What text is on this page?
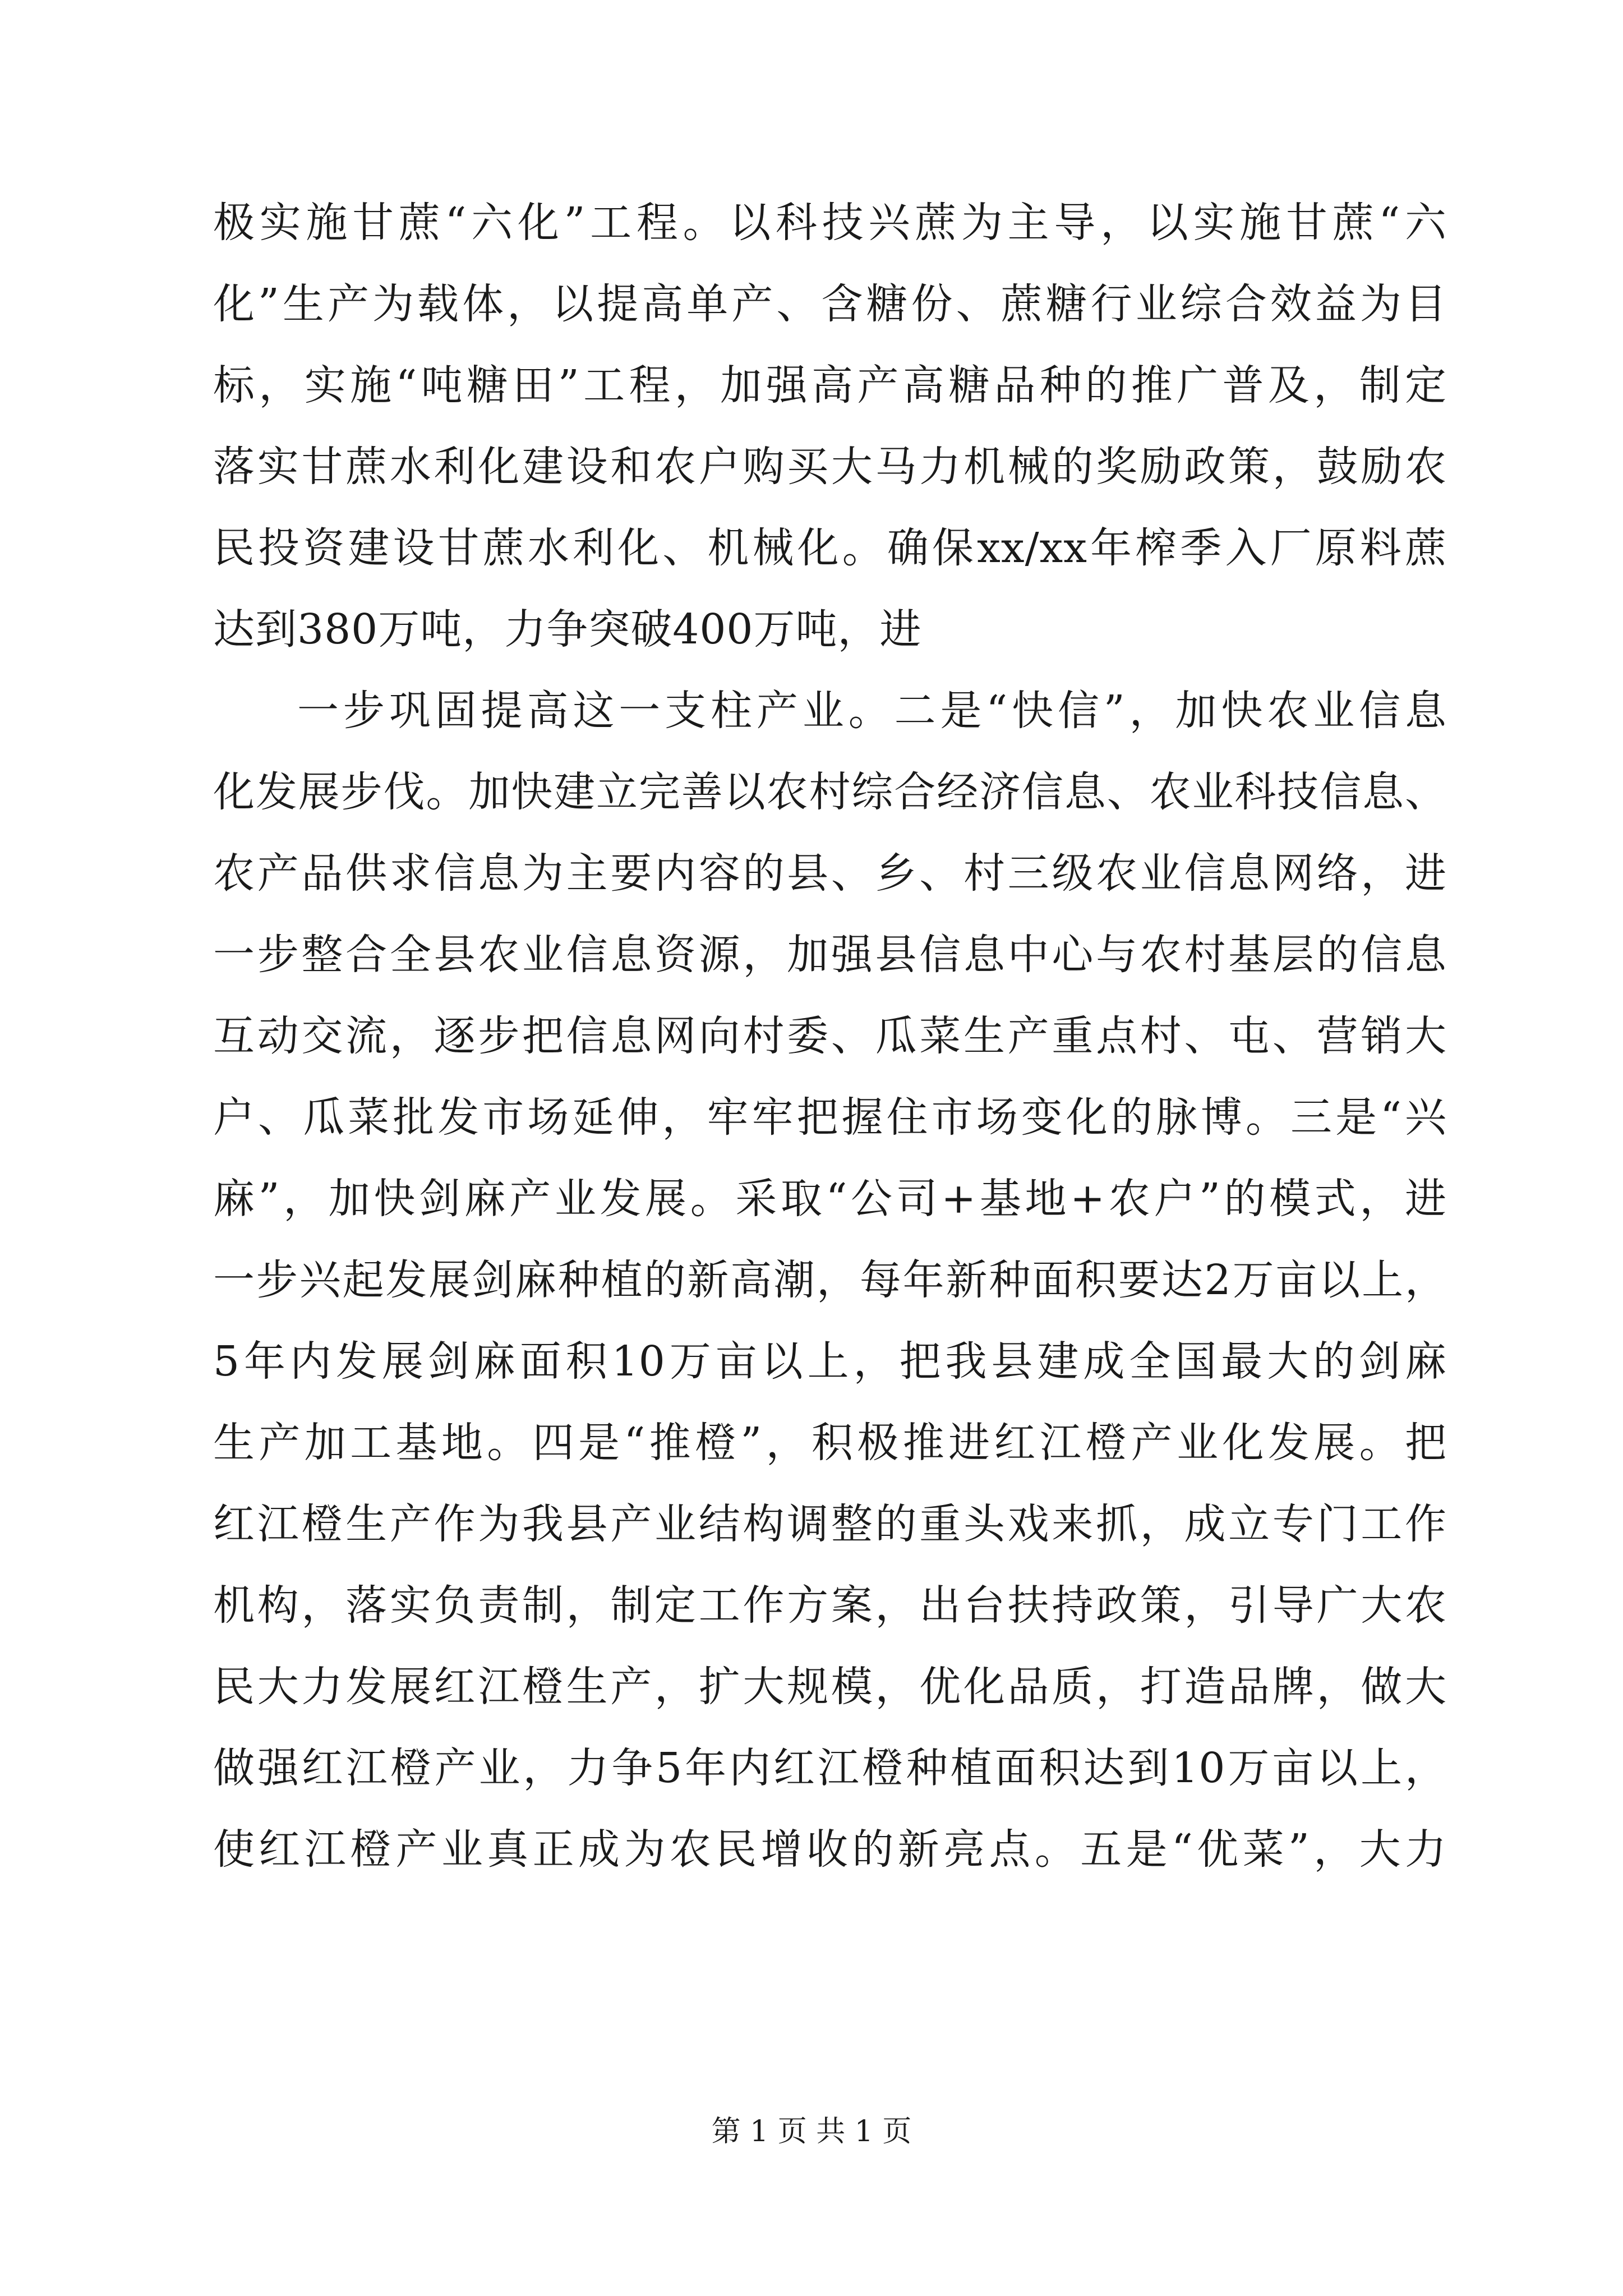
极实施甘蔗“六化”工程。以科技兴蔗为主导，以实施甘蔗“六
化”生产为载体，以提高单产、含糖份、蔗糖行业综合效益为目
标，实施“吨糖田”工程，加强高产高糖品种的推广普及，制定
落实甘蔗水利化建设和农户购买大马力机械的奖励政策，鼓励农
民投资建设甘蔗水利化、机械化。确保xx/xx年榨季入厂原料蔗
达到380万吨，力争突破400万吨，进
一步巩固提高这一支柱产业。二是“快信”，加快农业信息
化发展步伐。加快建立完善以农村综合经济信息、农业科技信息、
农产品供求信息为主要内容的县、乡、村三级农业信息网络，进
一步整合全县农业信息资源，加强县信息中心与农村基层的信息
互动交流，逐步把信息网向村委、瓜菜生产重点村、屯、营销大
户、瓜菜批发市场延伸，牢牢把握住市场变化的脉博。三是“兴
麻”，加快剑麻产业发展。采取“公司+基地+农户”的模式，进
一步兴起发展剑麻种植的新高潮，每年新种面积要达2万亩以上，
5年内发展剑麻面积10万亩以上，把我县建成全国最大的剑麻
生产加工基地。四是“推橙”，积极推进红江橙产业化发展。把
红江橙生产作为我县产业结构调整的重头戏来抓，成立专门工作
机构，落实负责制，制定工作方案，出台扶持政策，引导广大农
民大力发展红江橙生产，扩大规模，优化品质，打造品牌，做大
做强红江橙产业，力争5年内红江橙种植面积达到10万亩以上，
使红江橙产业真正成为农民增收的新亮点。五是“优菜”，大力
第 1 页 共 1 页
